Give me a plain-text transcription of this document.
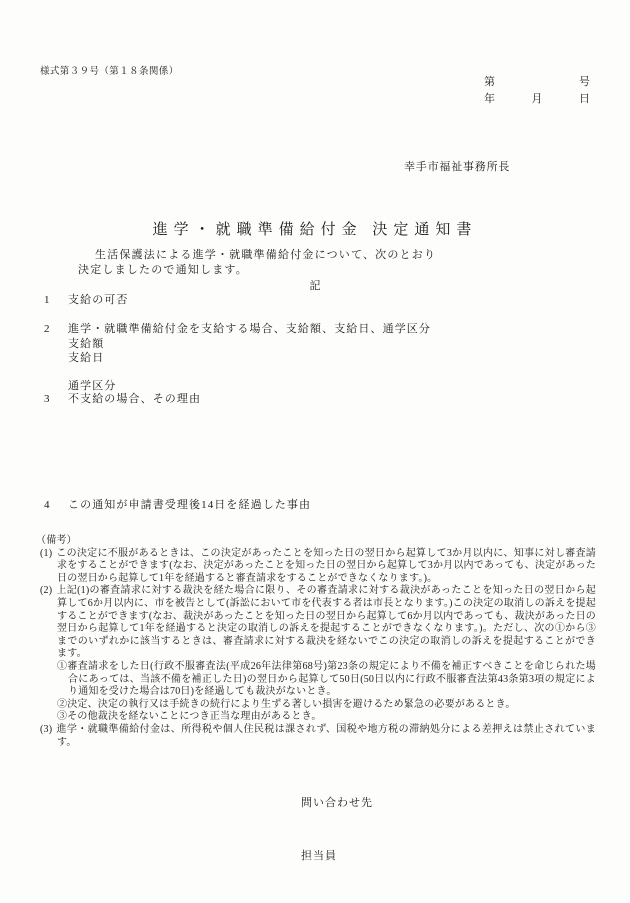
様式第３９号（第１８条関係）
第	号
年	月	日
幸手市福祉事務所長
進学・就職準備給付金 決定通知書
生活保護法による進学・就職準備給付金について、次のとおり
決定しましたので通知します。
記
1 支給の可否
2 進学・就職準備給付金を支給する場合、支給額、支給日、通学区分
支給額
支給日
通学区分
3 不支給の場合、その理由
4 この通知が申請書受理後14日を経過した事由
（備考）
(1) この決定に不服があるときは、この決定があったことを知った日の翌日から起算して3か月以内に、知事に対し審査請求をすることができます(なお、決定があったことを知った日の翌日から起算して3か月以内であっても、決定があった日の翌日から起算して1年を経過すると審査請求をすることができなくなります。)。
(2) 上記(1)の審査請求に対する裁決を経た場合に限り、その審査請求に対する裁決があったことを知った日の翌日から起算して6か月以内に、市を被告として(訴訟において市を代表する者は市長となります。)この決定の取消しの訴えを提起することができます(なお、裁決があったことを知った日の翌日から起算して6か月以内であっても、裁決があった日の翌日から起算して1年を経過すると決定の取消しの訴えを提起することができなくなります。)。ただし、次の①から③までのいずれかに該当するときは、審査請求に対する裁決を経ないでこの決定の取消しの訴えを提起することができます。
①審査請求をした日(行政不服審査法(平成26年法律第68号)第23条の規定により不備を補正すべきことを命じられた場合にあっては、当該不備を補正した日)の翌日から起算して50日(50日以内に行政不服審査法第43条第3項の規定により通知を受けた場合は70日)を経過しても裁決がないとき。
②決定、決定の執行又は手続きの続行により生ずる著しい損害を避けるため緊急の必要があるとき。
③その他裁決を経ないことにつき正当な理由があるとき。
(3) 進学・就職準備給付金は、所得税や個人住民税は課されず、国税や地方税の滞納処分による差押えは禁止されています。
問い合わせ先
担当員
